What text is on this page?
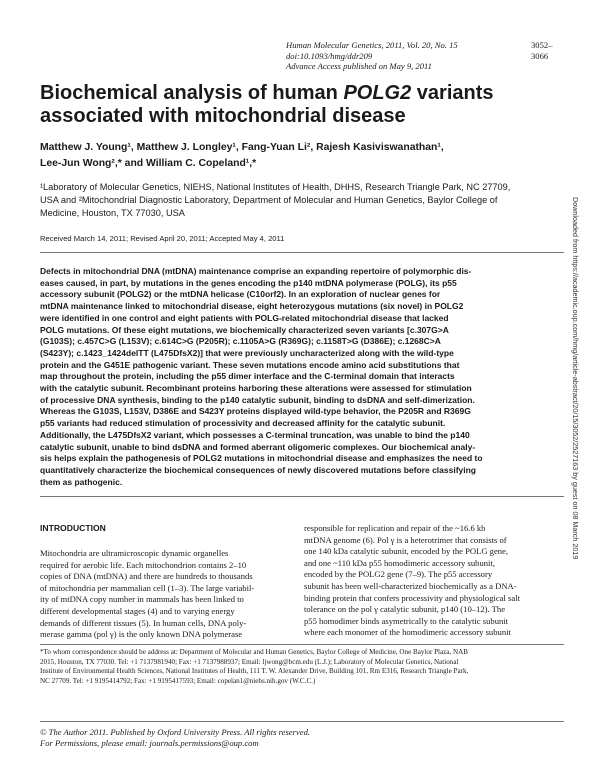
Human Molecular Genetics, 2011, Vol. 20, No. 15	3052–3066
doi:10.1093/hmg/ddr209
Advance Access published on May 9, 2011
Biochemical analysis of human POLG2 variants
associated with mitochondrial disease
Matthew J. Young¹, Matthew J. Longley¹, Fang-Yuan Li², Rajesh Kasiviswanathan¹,
Lee-Jun Wong²,* and William C. Copeland¹,*
¹Laboratory of Molecular Genetics, NIEHS, National Institutes of Health, DHHS, Research Triangle Park, NC 27709,
USA and ²Mitochondrial Diagnostic Laboratory, Department of Molecular and Human Genetics, Baylor College of
Medicine, Houston, TX 77030, USA
Received March 14, 2011; Revised April 20, 2011; Accepted May 4, 2011
Defects in mitochondrial DNA (mtDNA) maintenance comprise an expanding repertoire of polymorphic dis-
eases caused, in part, by mutations in the genes encoding the p140 mtDNA polymerase (POLG), its p55
accessory subunit (POLG2) or the mtDNA helicase (C10orf2). In an exploration of nuclear genes for
mtDNA maintenance linked to mitochondrial disease, eight heterozygous mutations (six novel) in POLG2
were identified in one control and eight patients with POLG-related mitochondrial disease that lacked
POLG mutations. Of these eight mutations, we biochemically characterized seven variants [c.307G>A
(G103S); c.457C>G (L153V); c.614C>G (P205R); c.1105A>G (R369G); c.1158T>G (D386E); c.1268C>A
(S423Y); c.1423_1424delTT (L475DfsX2)] that were previously uncharacterized along with the wild-type
protein and the G451E pathogenic variant. These seven mutations encode amino acid substitutions that
map throughout the protein, including the p55 dimer interface and the C-terminal domain that interacts
with the catalytic subunit. Recombinant proteins harboring these alterations were assessed for stimulation
of processive DNA synthesis, binding to the p140 catalytic subunit, binding to dsDNA and self-dimerization.
Whereas the G103S, L153V, D386E and S423Y proteins displayed wild-type behavior, the P205R and R369G
p55 variants had reduced stimulation of processivity and decreased affinity for the catalytic subunit.
Additionally, the L475DfsX2 variant, which possesses a C-terminal truncation, was unable to bind the p140
catalytic subunit, unable to bind dsDNA and formed aberrant oligomeric complexes. Our biochemical analy-
sis helps explain the pathogenesis of POLG2 mutations in mitochondrial disease and emphasizes the need to
quantitatively characterize the biochemical consequences of newly discovered mutations before classifying
them as pathogenic.
INTRODUCTION
Mitochondria are ultramicroscopic dynamic organelles
required for aerobic life. Each mitochondrion contains 2–10
copies of DNA (mtDNA) and there are hundreds to thousands
of mitochondria per mammalian cell (1–3). The large variabil-
ity of mtDNA copy number in mammals has been linked to
different developmental stages (4) and to varying energy
demands of different tissues (5). In human cells, DNA poly-
merase gamma (pol γ) is the only known DNA polymerase
responsible for replication and repair of the ~16.6 kb
mtDNA genome (6). Pol γ is a heterotrimer that consists of
one 140 kDa catalytic subunit, encoded by the POLG gene,
and one ~110 kDa p55 homodimeric accessory subunit,
encoded by the POLG2 gene (7–9). The p55 accessory
subunit has been well-characterized biochemically as a DNA-
binding protein that confers processivity and physiological salt
tolerance on the pol γ catalytic subunit, p140 (10–12). The
p55 homodimer binds asymetrically to the catalytic subunit
where each monomer of the homodimeric accessory subunit
*To whom correspondence should be address at: Department of Molecular and Human Genetics, Baylor College of Medicine, One Baylor Plaza, NAB
2015, Houston, TX 77030. Tel: +1 7137981940; Fax: +1 7137988937; Email: ljwong@bcm.edu (L.J.); Laboratory of Molecular Genetics, National
Institute of Environmental Health Sciences, National Institutes of Health, 111 T. W. Alexander Drive, Building 101, Rm E316, Research Triangle Park,
NC 27709. Tel: +1 9195414792; Fax: +1 9195417593; Email: copelan1@niehs.nih.gov (W.C.C.)
© The Author 2011. Published by Oxford University Press. All rights reserved.
For Permissions, please email: journals.permissions@oup.com
Downloaded from https://academic.oup.com/hmg/article-abstract/20/15/3052/2527163 by guest on 08 March 2019
